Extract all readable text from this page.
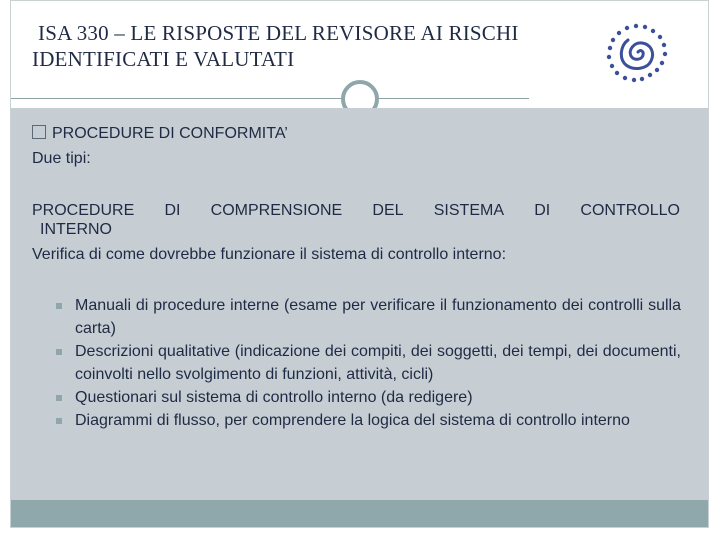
ISA 330 – LE RISPOSTE DEL REVISORE AI RISCHI
IDENTIFICATI E VALUTATI
PROCEDURE DI CONFORMITA’
Due tipi:
PROCEDURE DI COMPRENSIONE DEL SISTEMA DI CONTROLLO
INTERNO
Verifica di come dovrebbe funzionare il sistema di controllo interno:
Manuali di procedure interne (esame per verificare il funzionamento dei controlli sulla carta)
Descrizioni qualitative (indicazione dei compiti, dei soggetti, dei tempi, dei documenti, coinvolti nello svolgimento di funzioni, attività, cicli)
Questionari sul sistema di controllo interno (da redigere)
Diagrammi di flusso, per comprendere la logica del sistema di controllo interno
